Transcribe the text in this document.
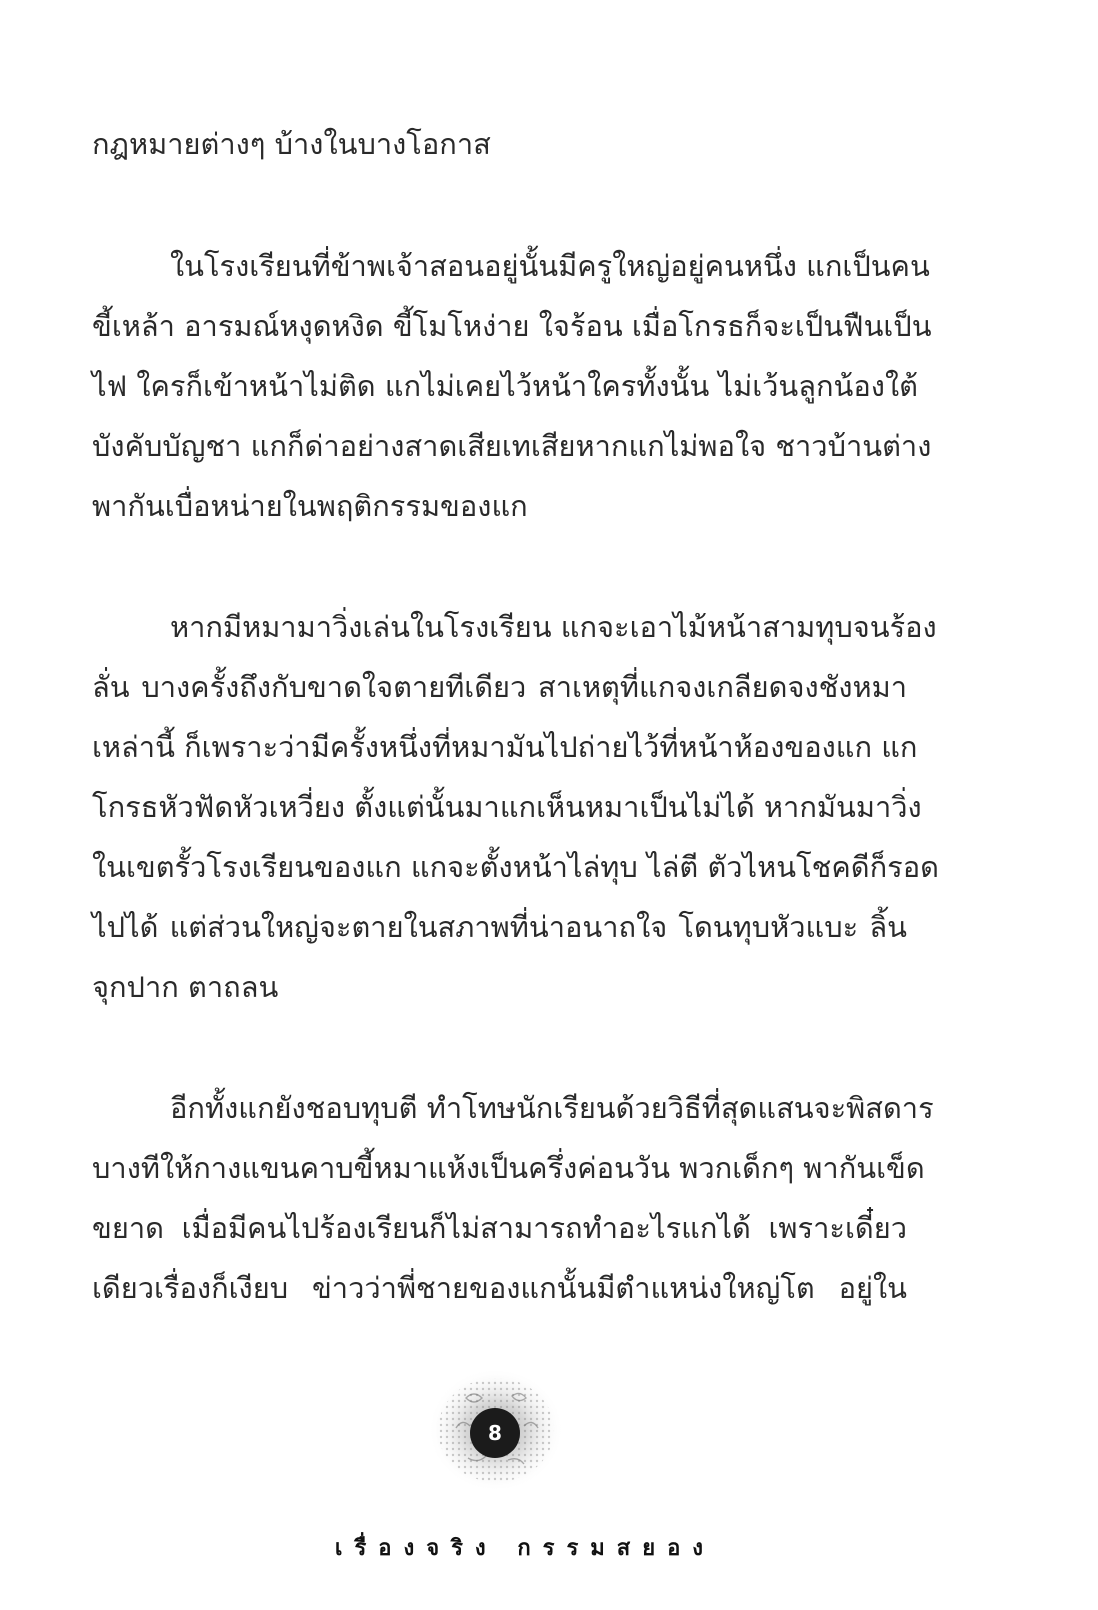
กฎหมายต่างๆ บ้างในบางโอกาส
ในโรงเรียนที่ข้าพเจ้าสอนอยู่นั้นมีครูใหญ่อยู่คนหนึ่ง แกเป็นคน
ขี้เหล้า อารมณ์หงุดหงิด ขี้โมโหง่าย ใจร้อน เมื่อโกรธก็จะเป็นฟืนเป็น
ไฟ ใครก็เข้าหน้าไม่ติด แกไม่เคยไว้หน้าใครทั้งนั้น ไม่เว้นลูกน้องใต้
บังคับบัญชา แกก็ด่าอย่างสาดเสียเทเสียหากแกไม่พอใจ ชาวบ้านต่าง
พากันเบื่อหน่ายในพฤติกรรมของแก
หากมีหมามาวิ่งเล่นในโรงเรียน แกจะเอาไม้หน้าสามทุบจนร้อง
ลั่น บางครั้งถึงกับขาดใจตายทีเดียว สาเหตุที่แกจงเกลียดจงชังหมา
เหล่านี้ ก็เพราะว่ามีครั้งหนึ่งที่หมามันไปถ่ายไว้ที่หน้าห้องของแก แก
โกรธหัวฟัดหัวเหวี่ยง ตั้งแต่นั้นมาแกเห็นหมาเป็นไม่ได้ หากมันมาวิ่ง
ในเขตรั้วโรงเรียนของแก แกจะตั้งหน้าไล่ทุบ ไล่ตี ตัวไหนโชคดีก็รอด
ไปได้ แต่ส่วนใหญ่จะตายในสภาพที่น่าอนาถใจ โดนทุบหัวแบะ ลิ้น
จุกปาก ตาถลน
อีกทั้งแกยังชอบทุบตี ทำโทษนักเรียนด้วยวิธีที่สุดแสนจะพิสดาร
บางทีให้กางแขนคาบขี้หมาแห้งเป็นครึ่งค่อนวัน พวกเด็กๆ พากันเข็ด
ขยาด เมื่อมีคนไปร้องเรียนก็ไม่สามารถทำอะไรแกได้ เพราะเดี๋ยว
เดียวเรื่องก็เงียบ ข่าวว่าพี่ชายของแกนั้นมีตำแหน่งใหญ่โต อยู่ใน
8
เรื่องจริง กรรมสยอง
